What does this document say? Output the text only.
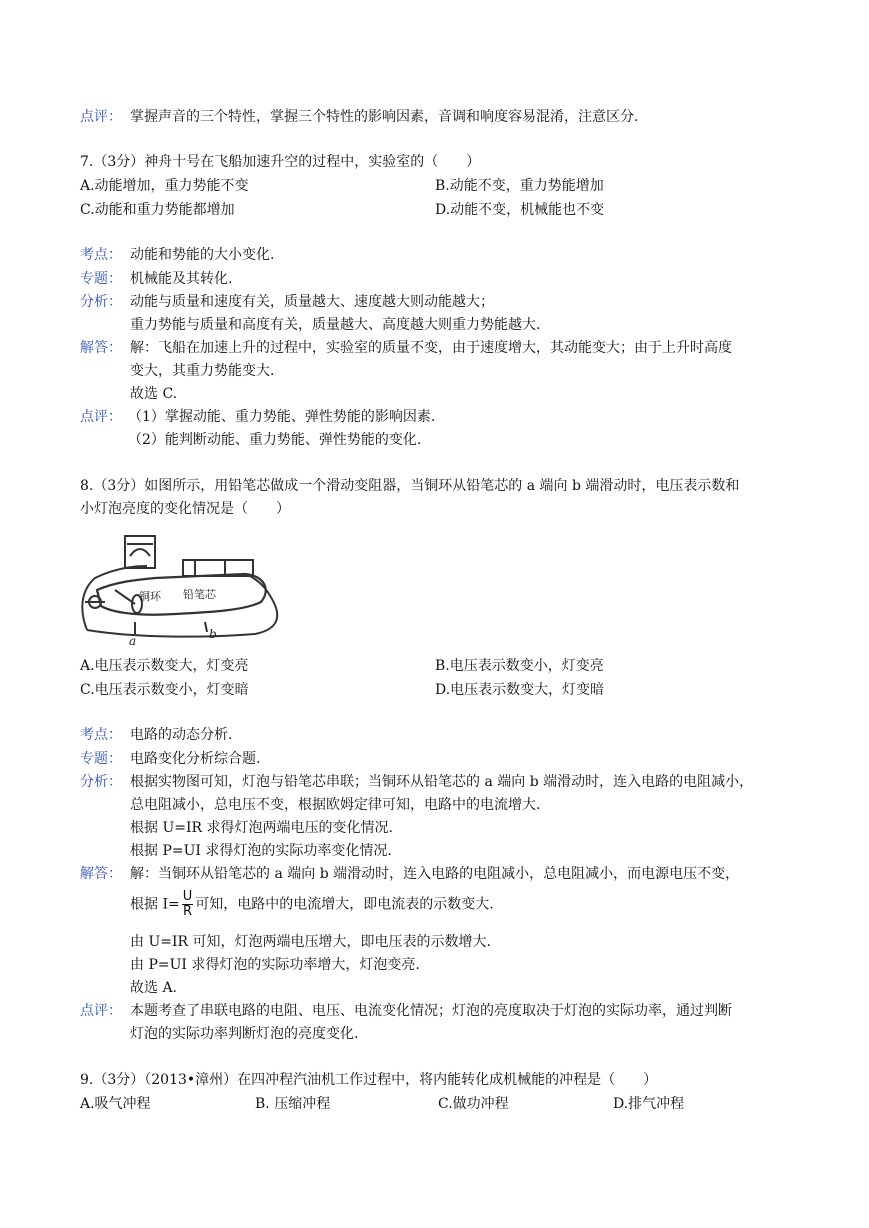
点评： 掌握声音的三个特性，掌握三个特性的影响因素，音调和响度容易混淆，注意区分.
7.（3分）神舟十号在飞船加速升空的过程中，实验室的（　　）
A.动能增加，重力势能不变	B.动能不变，重力势能增加
C.动能和重力势能都增加	D.动能不变，机械能也不变
考点： 动能和势能的大小变化.
专题： 机械能及其转化.
分析： 动能与质量和速度有关，质量越大、速度越大则动能越大；
重力势能与质量和高度有关，质量越大、高度越大则重力势能越大.
解答： 解：飞船在加速上升的过程中，实验室的质量不变，由于速度增大，其动能变大；由于上升时高度
变大，其重力势能变大.
故选 C.
点评： （1）掌握动能、重力势能、弹性势能的影响因素.
（2）能判断动能、重力势能、弹性势能的变化.
8.（3分）如图所示，用铅笔芯做成一个滑动变阻器，当铜环从铅笔芯的 a 端向 b 端滑动时，电压表示数和
小灯泡亮度的变化情况是（　　）
铜环 铅笔芯
a	b
A.电压表示数变大，灯变亮	B.电压表示数变小，灯变亮
C.电压表示数变小，灯变暗	D.电压表示数变大，灯变暗
考点： 电路的动态分析.
专题： 电路变化分析综合题.
分析： 根据实物图可知，灯泡与铅笔芯串联；当铜环从铅笔芯的 a 端向 b 端滑动时，连入电路的电阻减小，
总电阻减小，总电压不变，根据欧姆定律可知，电路中的电流增大.
根据 U=IR 求得灯泡两端电压的变化情况.
根据 P=UI 求得灯泡的实际功率变化情况.
解答： 解：当铜环从铅笔芯的 a 端向 b 端滑动时，连入电路的电阻减小，总电阻减小，而电源电压不变，
根据 $I= \frac{U}{R}$ 可知，电路中的电流增大，即电流表的示数变大.
由 U=IR 可知，灯泡两端电压增大，即电压表的示数增大.
由 P=UI 求得灯泡的实际功率增大，灯泡变亮.
故选 A.
点评： 本题考查了串联电路的电阻、电压、电流变化情况；灯泡的亮度取决于灯泡的实际功率，通过判断
灯泡的实际功率判断灯泡的亮度变化.
9.（3分）（2013•漳州）在四冲程汽油机工作过程中，将内能转化成机械能的冲程是（　　）
A.吸气冲程	B. 压缩冲程	C.做功冲程	D.排气冲程
